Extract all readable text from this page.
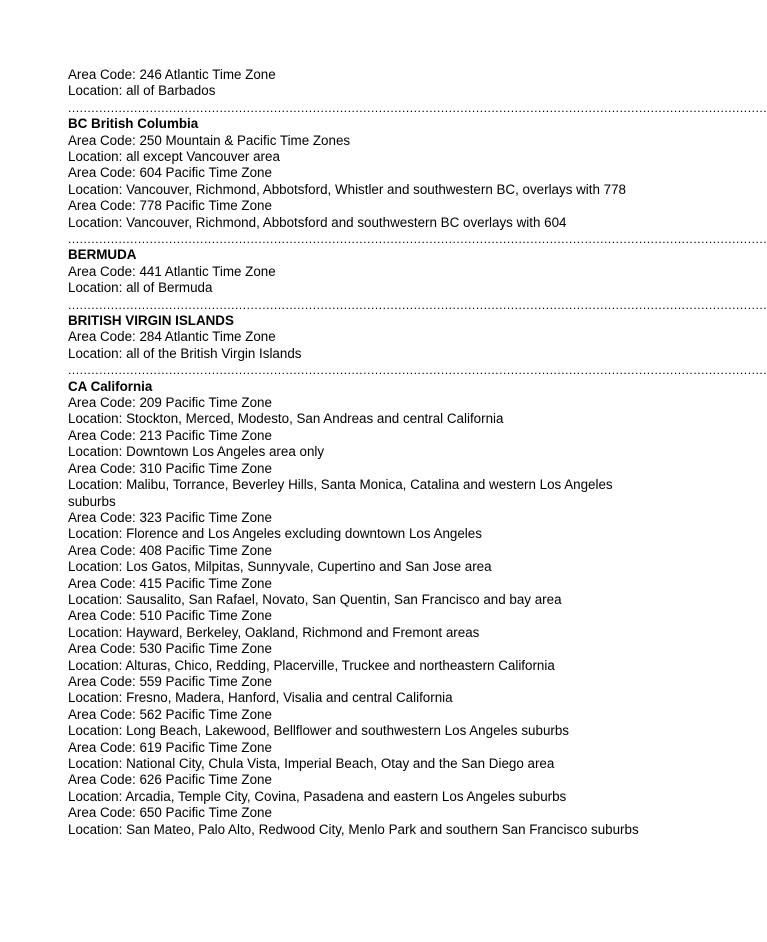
Area Code: 246 Atlantic Time Zone
Location: all of Barbados
....................................................................................................................................................................................
BC British Columbia
Area Code: 250 Mountain & Pacific Time Zones
Location: all except Vancouver area
Area Code: 604 Pacific Time Zone
Location: Vancouver, Richmond, Abbotsford, Whistler and southwestern BC, overlays with 778
Area Code: 778 Pacific Time Zone
Location: Vancouver, Richmond, Abbotsford and southwestern BC overlays with 604
....................................................................................................................................................................................
BERMUDA
Area Code: 441 Atlantic Time Zone
Location: all of Bermuda
....................................................................................................................................................................................
BRITISH VIRGIN ISLANDS
Area Code: 284 Atlantic Time Zone
Location: all of the British Virgin Islands
....................................................................................................................................................................................
CA California
Area Code: 209 Pacific Time Zone
Location: Stockton, Merced, Modesto, San Andreas and central California
Area Code: 213 Pacific Time Zone
Location: Downtown Los Angeles area only
Area Code: 310 Pacific Time Zone
Location: Malibu, Torrance, Beverley Hills, Santa Monica, Catalina and western Los Angeles suburbs
Area Code: 323 Pacific Time Zone
Location: Florence and Los Angeles excluding downtown Los Angeles
Area Code: 408 Pacific Time Zone
Location: Los Gatos, Milpitas, Sunnyvale, Cupertino and San Jose area
Area Code: 415 Pacific Time Zone
Location: Sausalito, San Rafael, Novato, San Quentin, San Francisco and bay area
Area Code: 510 Pacific Time Zone
Location: Hayward, Berkeley, Oakland, Richmond and Fremont areas
Area Code: 530 Pacific Time Zone
Location: Alturas, Chico, Redding, Placerville, Truckee and northeastern California
Area Code: 559 Pacific Time Zone
Location: Fresno, Madera, Hanford, Visalia and central California
Area Code: 562 Pacific Time Zone
Location: Long Beach, Lakewood, Bellflower and southwestern Los Angeles suburbs
Area Code: 619 Pacific Time Zone
Location: National City, Chula Vista, Imperial Beach, Otay and the San Diego area
Area Code: 626 Pacific Time Zone
Location: Arcadia, Temple City, Covina, Pasadena and eastern Los Angeles suburbs
Area Code: 650 Pacific Time Zone
Location: San Mateo, Palo Alto, Redwood City, Menlo Park and southern San Francisco suburbs
